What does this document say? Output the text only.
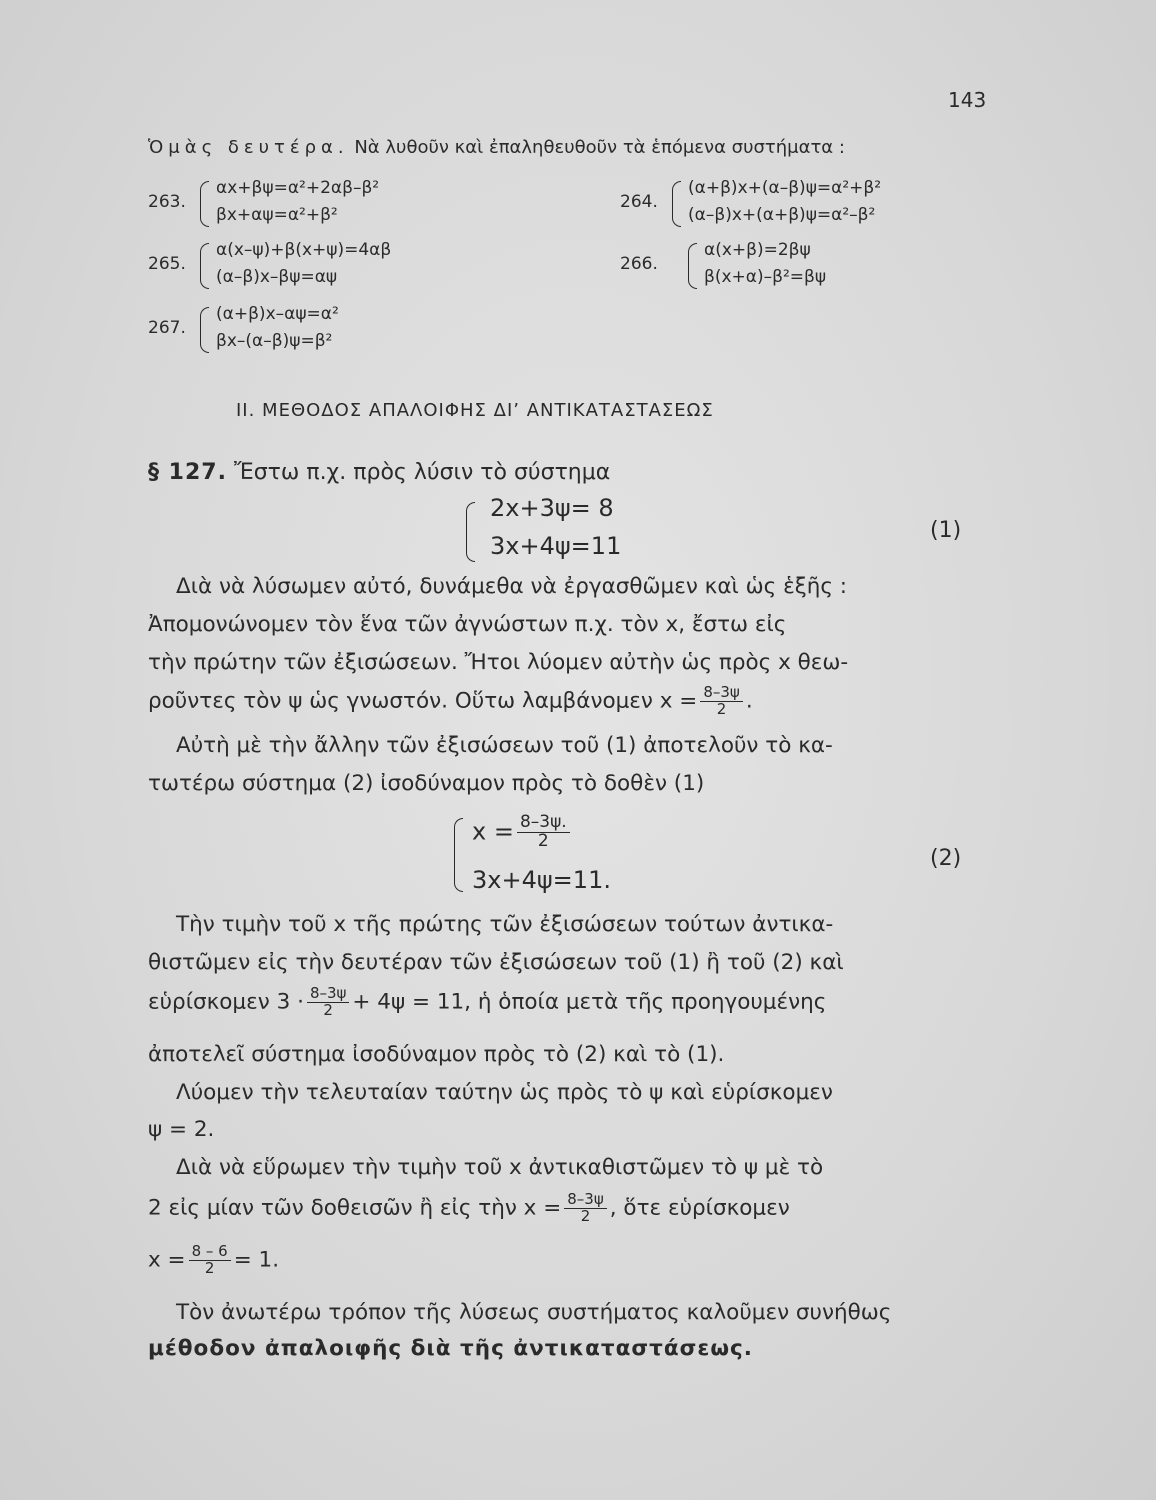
143
Ὁμὰς δευτέρα. Νὰ λυθοῦν καὶ ἐπαληθευθοῦν τὰ ἑπόμενα συστήματα :
263.
αx+βψ=α²+2αβ–β²
βx+αψ=α²+β²
264.
(α+β)x+(α–β)ψ=α²+β²
(α–β)x+(α+β)ψ=α²–β²
265.
α(x–ψ)+β(x+ψ)=4αβ
(α–β)x–βψ=αψ
266.
α(x+β)=2βψ
β(x+α)–β²=βψ
267.
(α+β)x–αψ=α²
βx–(α–β)ψ=β²
II. ΜΕΘΟΔΟΣ ΑΠΑΛΟΙΦΗΣ ΔΙ’ ΑΝΤΙΚΑΤΑΣΤΑΣΕΩΣ
§ 127. Ἔστω π.χ. πρὸς λύσιν τὸ σύστημα
2x+3ψ= 8
3x+4ψ=11
(1)
Διὰ νὰ λύσωμεν αὐτό, δυνάμεθα νὰ ἐργασθῶμεν καὶ ὡς ἑξῆς :
Ἀπομονώνομεν τὸν ἕνα τῶν ἀγνώστων π.χ. τὸν x, ἔστω εἰς
τὴν πρώτην τῶν ἐξισώσεων. Ἤτοι λύομεν αὐτὴν ὡς πρὸς x θεω-
ροῦντες τὸν ψ ὡς γνωστόν. Οὕτω λαμβάνομεν $x = \frac{8-3\psi}{2}$ .
Αὐτὴ μὲ τὴν ἄλλην τῶν ἐξισώσεων τοῦ (1) ἀποτελοῦν τὸ κα-
τωτέρω σύστημα (2) ἰσοδύναμον πρὸς τὸ δοθὲν (1)
$x = \frac{8-3\psi.}{2}$
3x+4ψ=11.
(2)
Τὴν τιμὴν τοῦ x τῆς πρώτης τῶν ἐξισώσεων τούτων ἀντικα-
θιστῶμεν εἰς τὴν δευτέραν τῶν ἐξισώσεων τοῦ (1) ἢ τοῦ (2) καὶ
εὑρίσκομεν $3 \cdot \frac{8-3\psi}{2} + 4\psi = 11$, ἡ ὁποία μετὰ τῆς προηγουμένης
ἀποτελεῖ σύστημα ἰσοδύναμον πρὸς τὸ (2) καὶ τὸ (1).
Λύομεν τὴν τελευταίαν ταύτην ὡς πρὸς τὸ ψ καὶ εὑρίσκομεν
ψ = 2.
Διὰ νὰ εὕρωμεν τὴν τιμὴν τοῦ x ἀντικαθιστῶμεν τὸ ψ μὲ τὸ
2 εἰς μίαν τῶν δοθεισῶν ἢ εἰς τὴν $x = \frac{8-3\psi}{2}$ , ὅτε εὑρίσκομεν
$x = \frac{8 - 6}{2} = 1$.
Τὸν ἀνωτέρω τρόπον τῆς λύσεως συστήματος καλοῦμεν συνήθως
μέθοδον ἀπαλοιφῆς διὰ τῆς ἀντικαταστάσεως.
